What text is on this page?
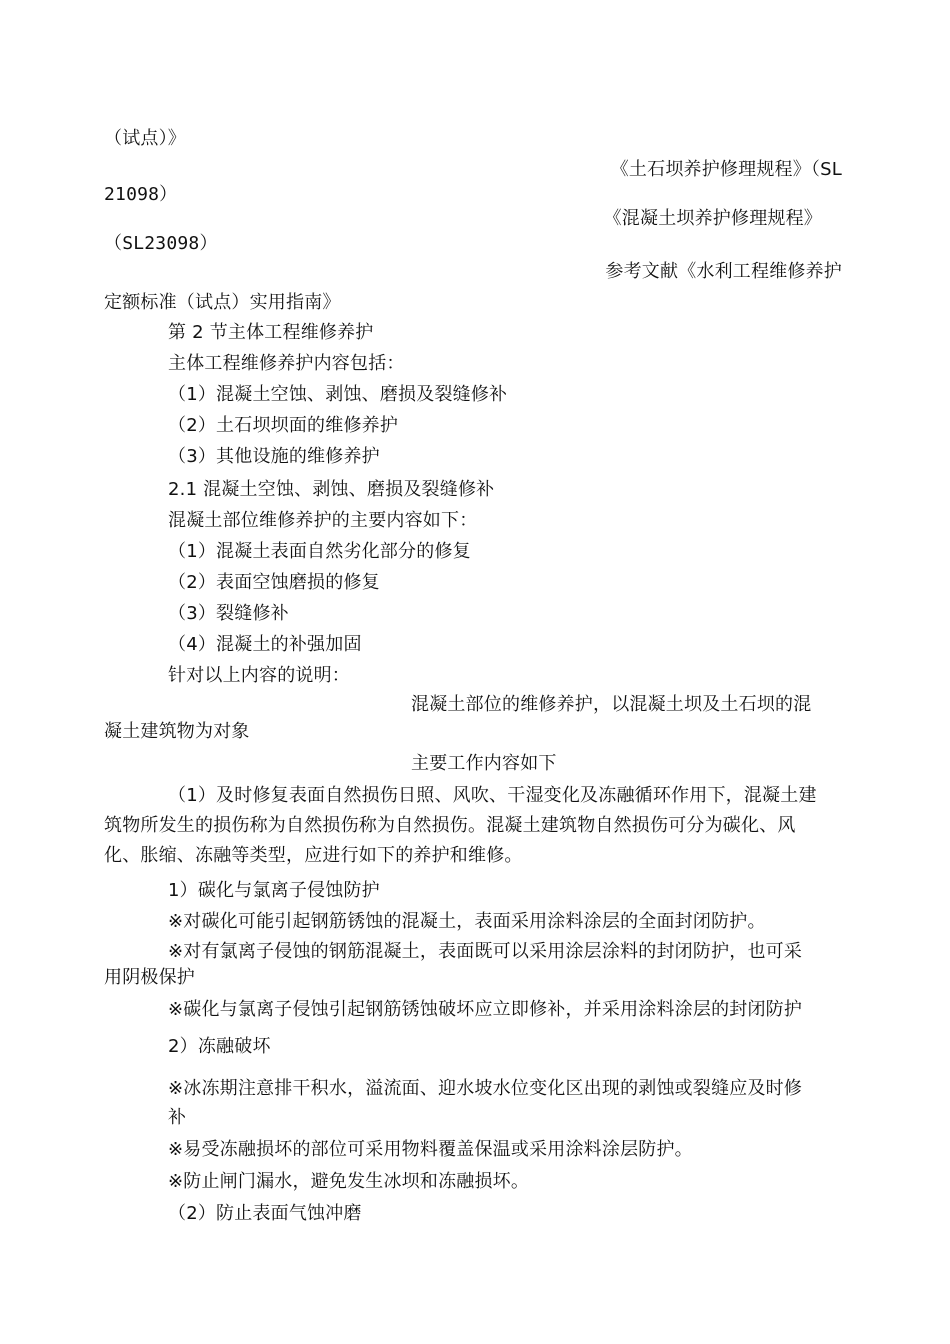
（试点）》
《土石坝养护修理规程》（SL
21098）
《混凝土坝养护修理规程》
（SL23098）
参考文献《水利工程维修养护
定额标准（试点）实用指南》
第 2 节主体工程维修养护
主体工程维修养护内容包括：
（1）混凝土空蚀、剥蚀、磨损及裂缝修补
（2）土石坝坝面的维修养护
（3）其他设施的维修养护
2.1 混凝土空蚀、剥蚀、磨损及裂缝修补
混凝土部位维修养护的主要内容如下：
（1）混凝土表面自然劣化部分的修复
（2）表面空蚀磨损的修复
（3）裂缝修补
（4）混凝土的补强加固
针对以上内容的说明：
混凝土部位的维修养护，以混凝土坝及土石坝的混
凝土建筑物为对象
主要工作内容如下
（1）及时修复表面自然损伤日照、风吹、干湿变化及冻融循环作用下，混凝土建
筑物所发生的损伤称为自然损伤称为自然损伤。混凝土建筑物自然损伤可分为碳化、风
化、胀缩、冻融等类型，应进行如下的养护和维修。
1）碳化与氯离子侵蚀防护
※对碳化可能引起钢筋锈蚀的混凝土，表面采用涂料涂层的全面封闭防护。
※对有氯离子侵蚀的钢筋混凝土，表面既可以采用涂层涂料的封闭防护，也可采
用阴极保护
※碳化与氯离子侵蚀引起钢筋锈蚀破坏应立即修补，并采用涂料涂层的封闭防护
2）冻融破坏
※冰冻期注意排干积水，溢流面、迎水坡水位变化区出现的剥蚀或裂缝应及时修
补
※易受冻融损坏的部位可采用物料覆盖保温或采用涂料涂层防护。
※防止闸门漏水，避免发生冰坝和冻融损坏。
（2）防止表面气蚀冲磨
